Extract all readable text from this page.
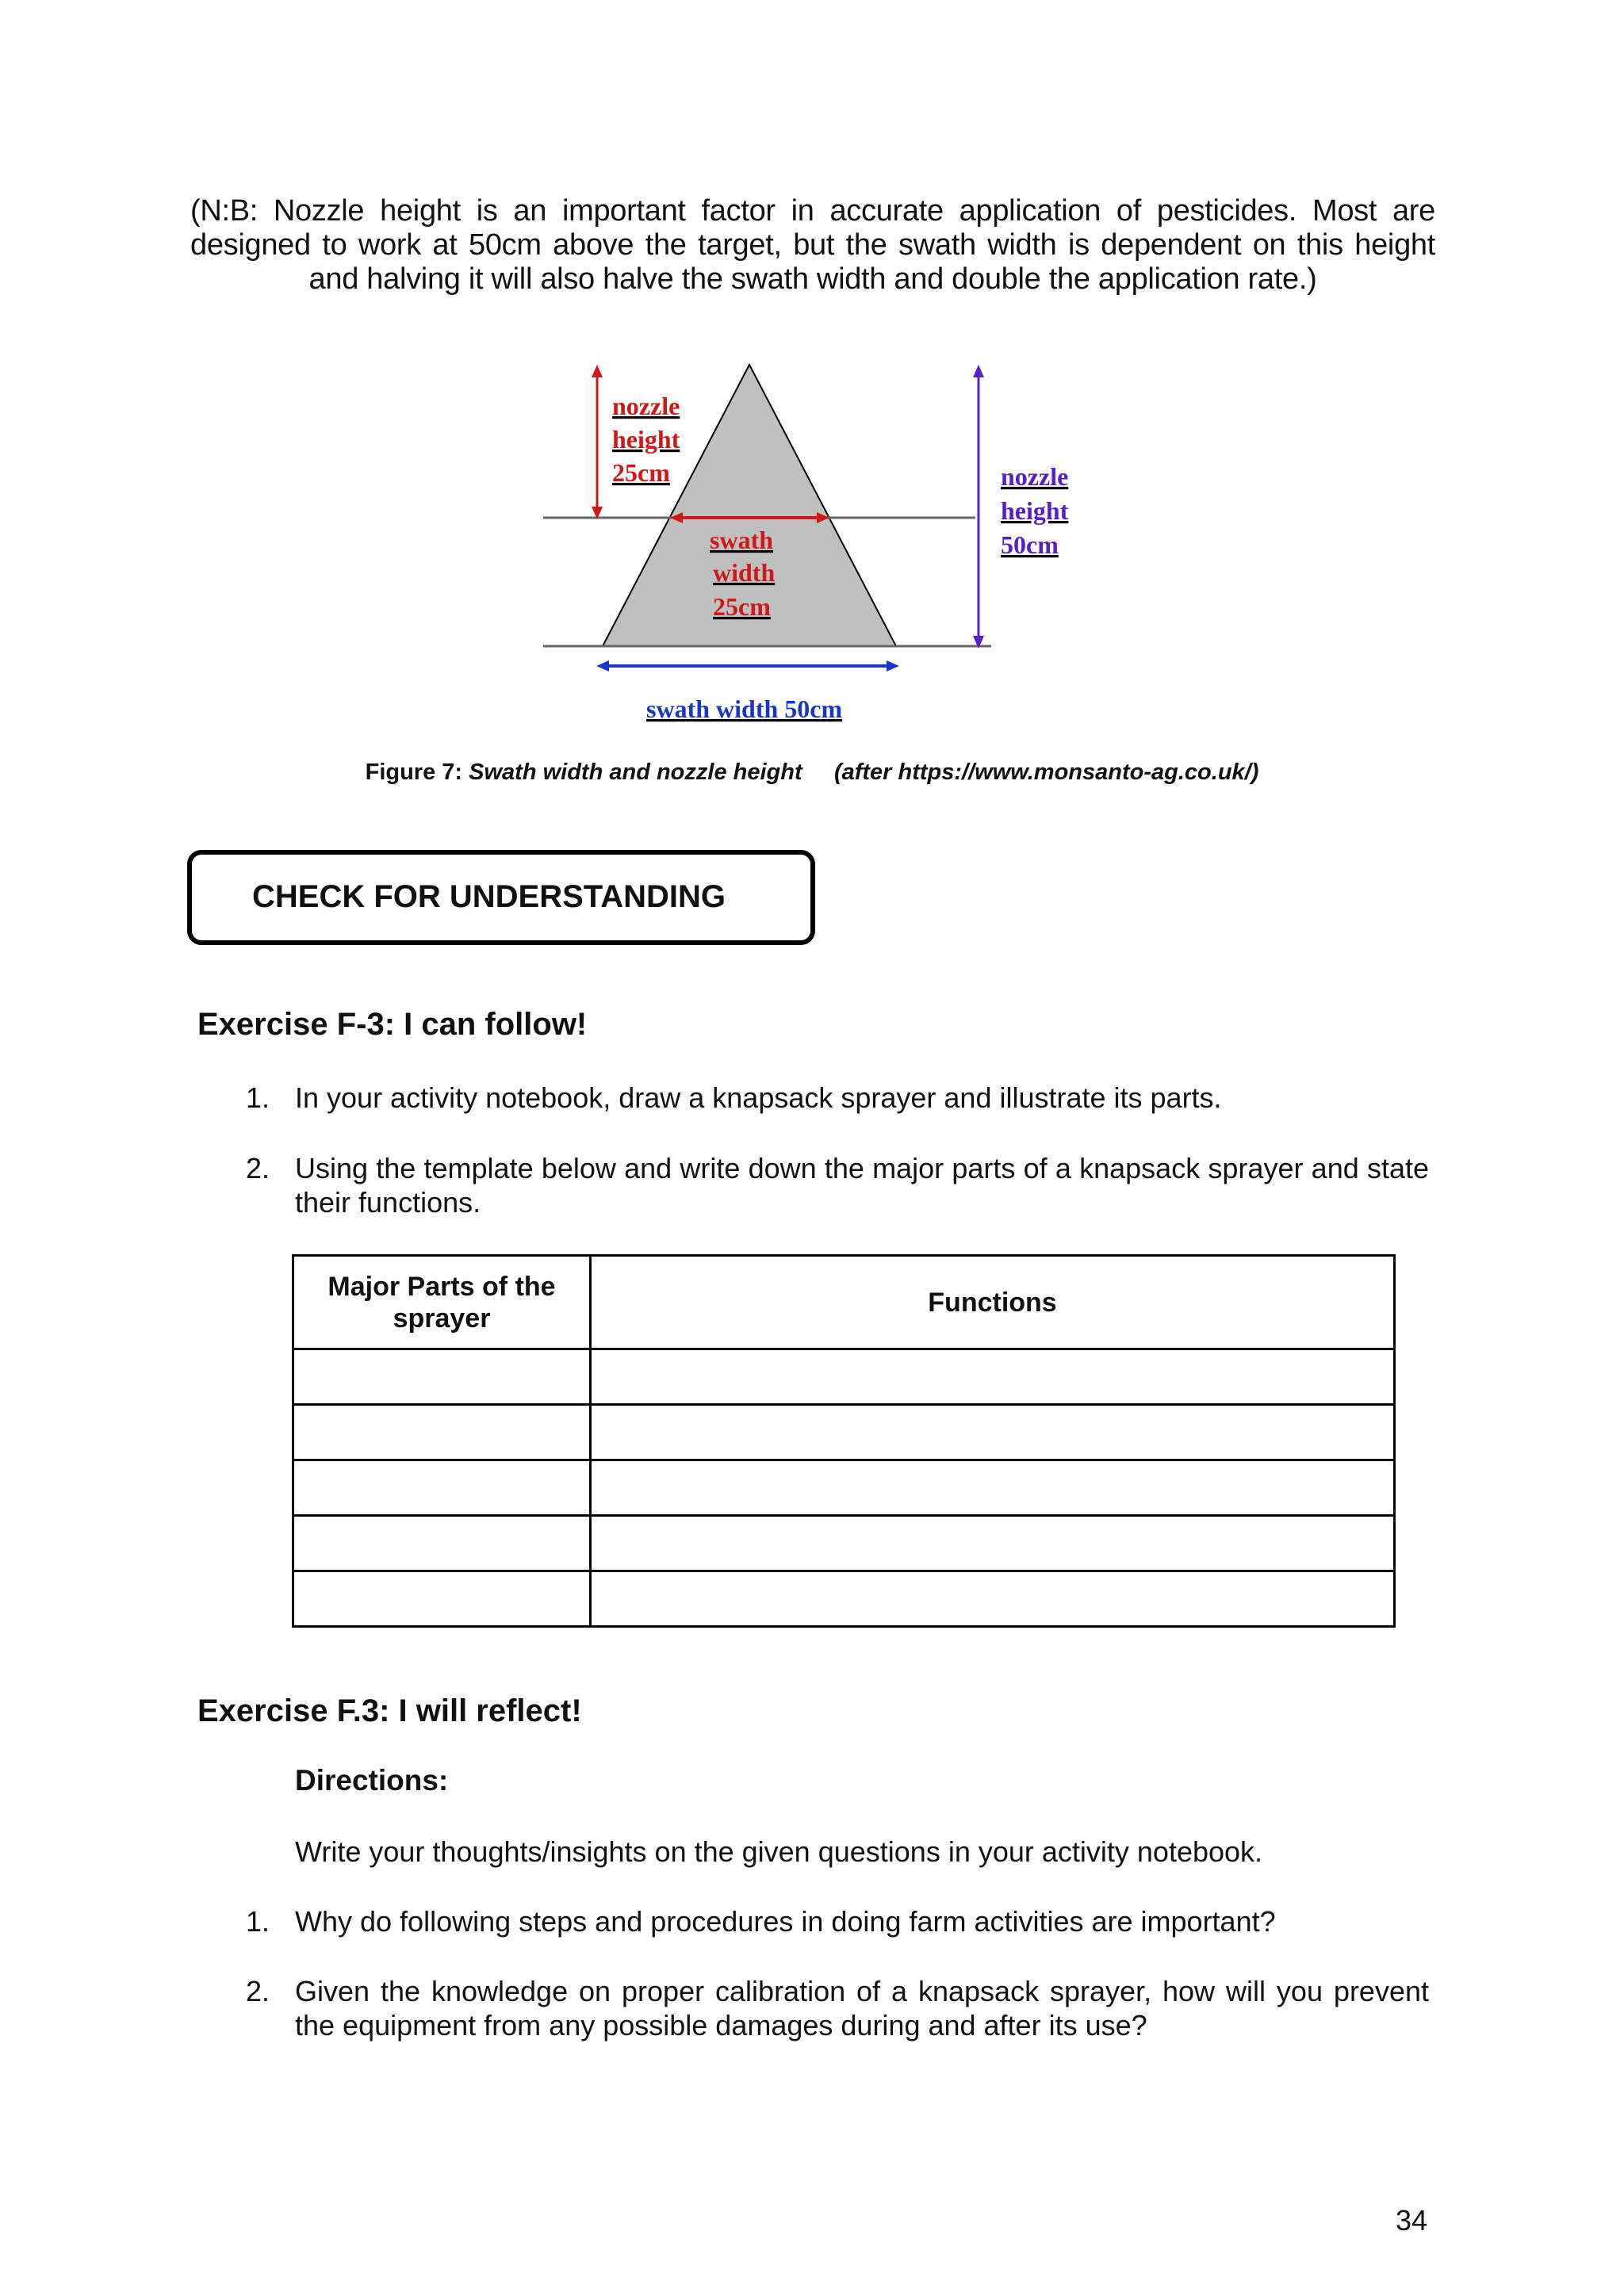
(N:B: Nozzle height is an important factor in accurate application of pesticides. Most are designed to work at 50cm above the target, but the swath width is dependent on this height and halving it will also halve the swath width and double the application rate.)
nozzle
height
25cm
swath
width
25cm
nozzle
height
50cm
swath width 50cm
Figure 7: Swath width and nozzle height (after https://www.monsanto-ag.co.uk/)
CHECK FOR UNDERSTANDING
Exercise F-3: I can follow!
1. In your activity notebook, draw a knapsack sprayer and illustrate its parts.
2. Using the template below and write down the major parts of a knapsack sprayer and state their functions.
Major Parts of the sprayer	Functions

Exercise F.3: I will reflect!
Directions:
Write your thoughts/insights on the given questions in your activity notebook.
1. Why do following steps and procedures in doing farm activities are important?
2. Given the knowledge on proper calibration of a knapsack sprayer, how will you prevent the equipment from any possible damages during and after its use?
34
